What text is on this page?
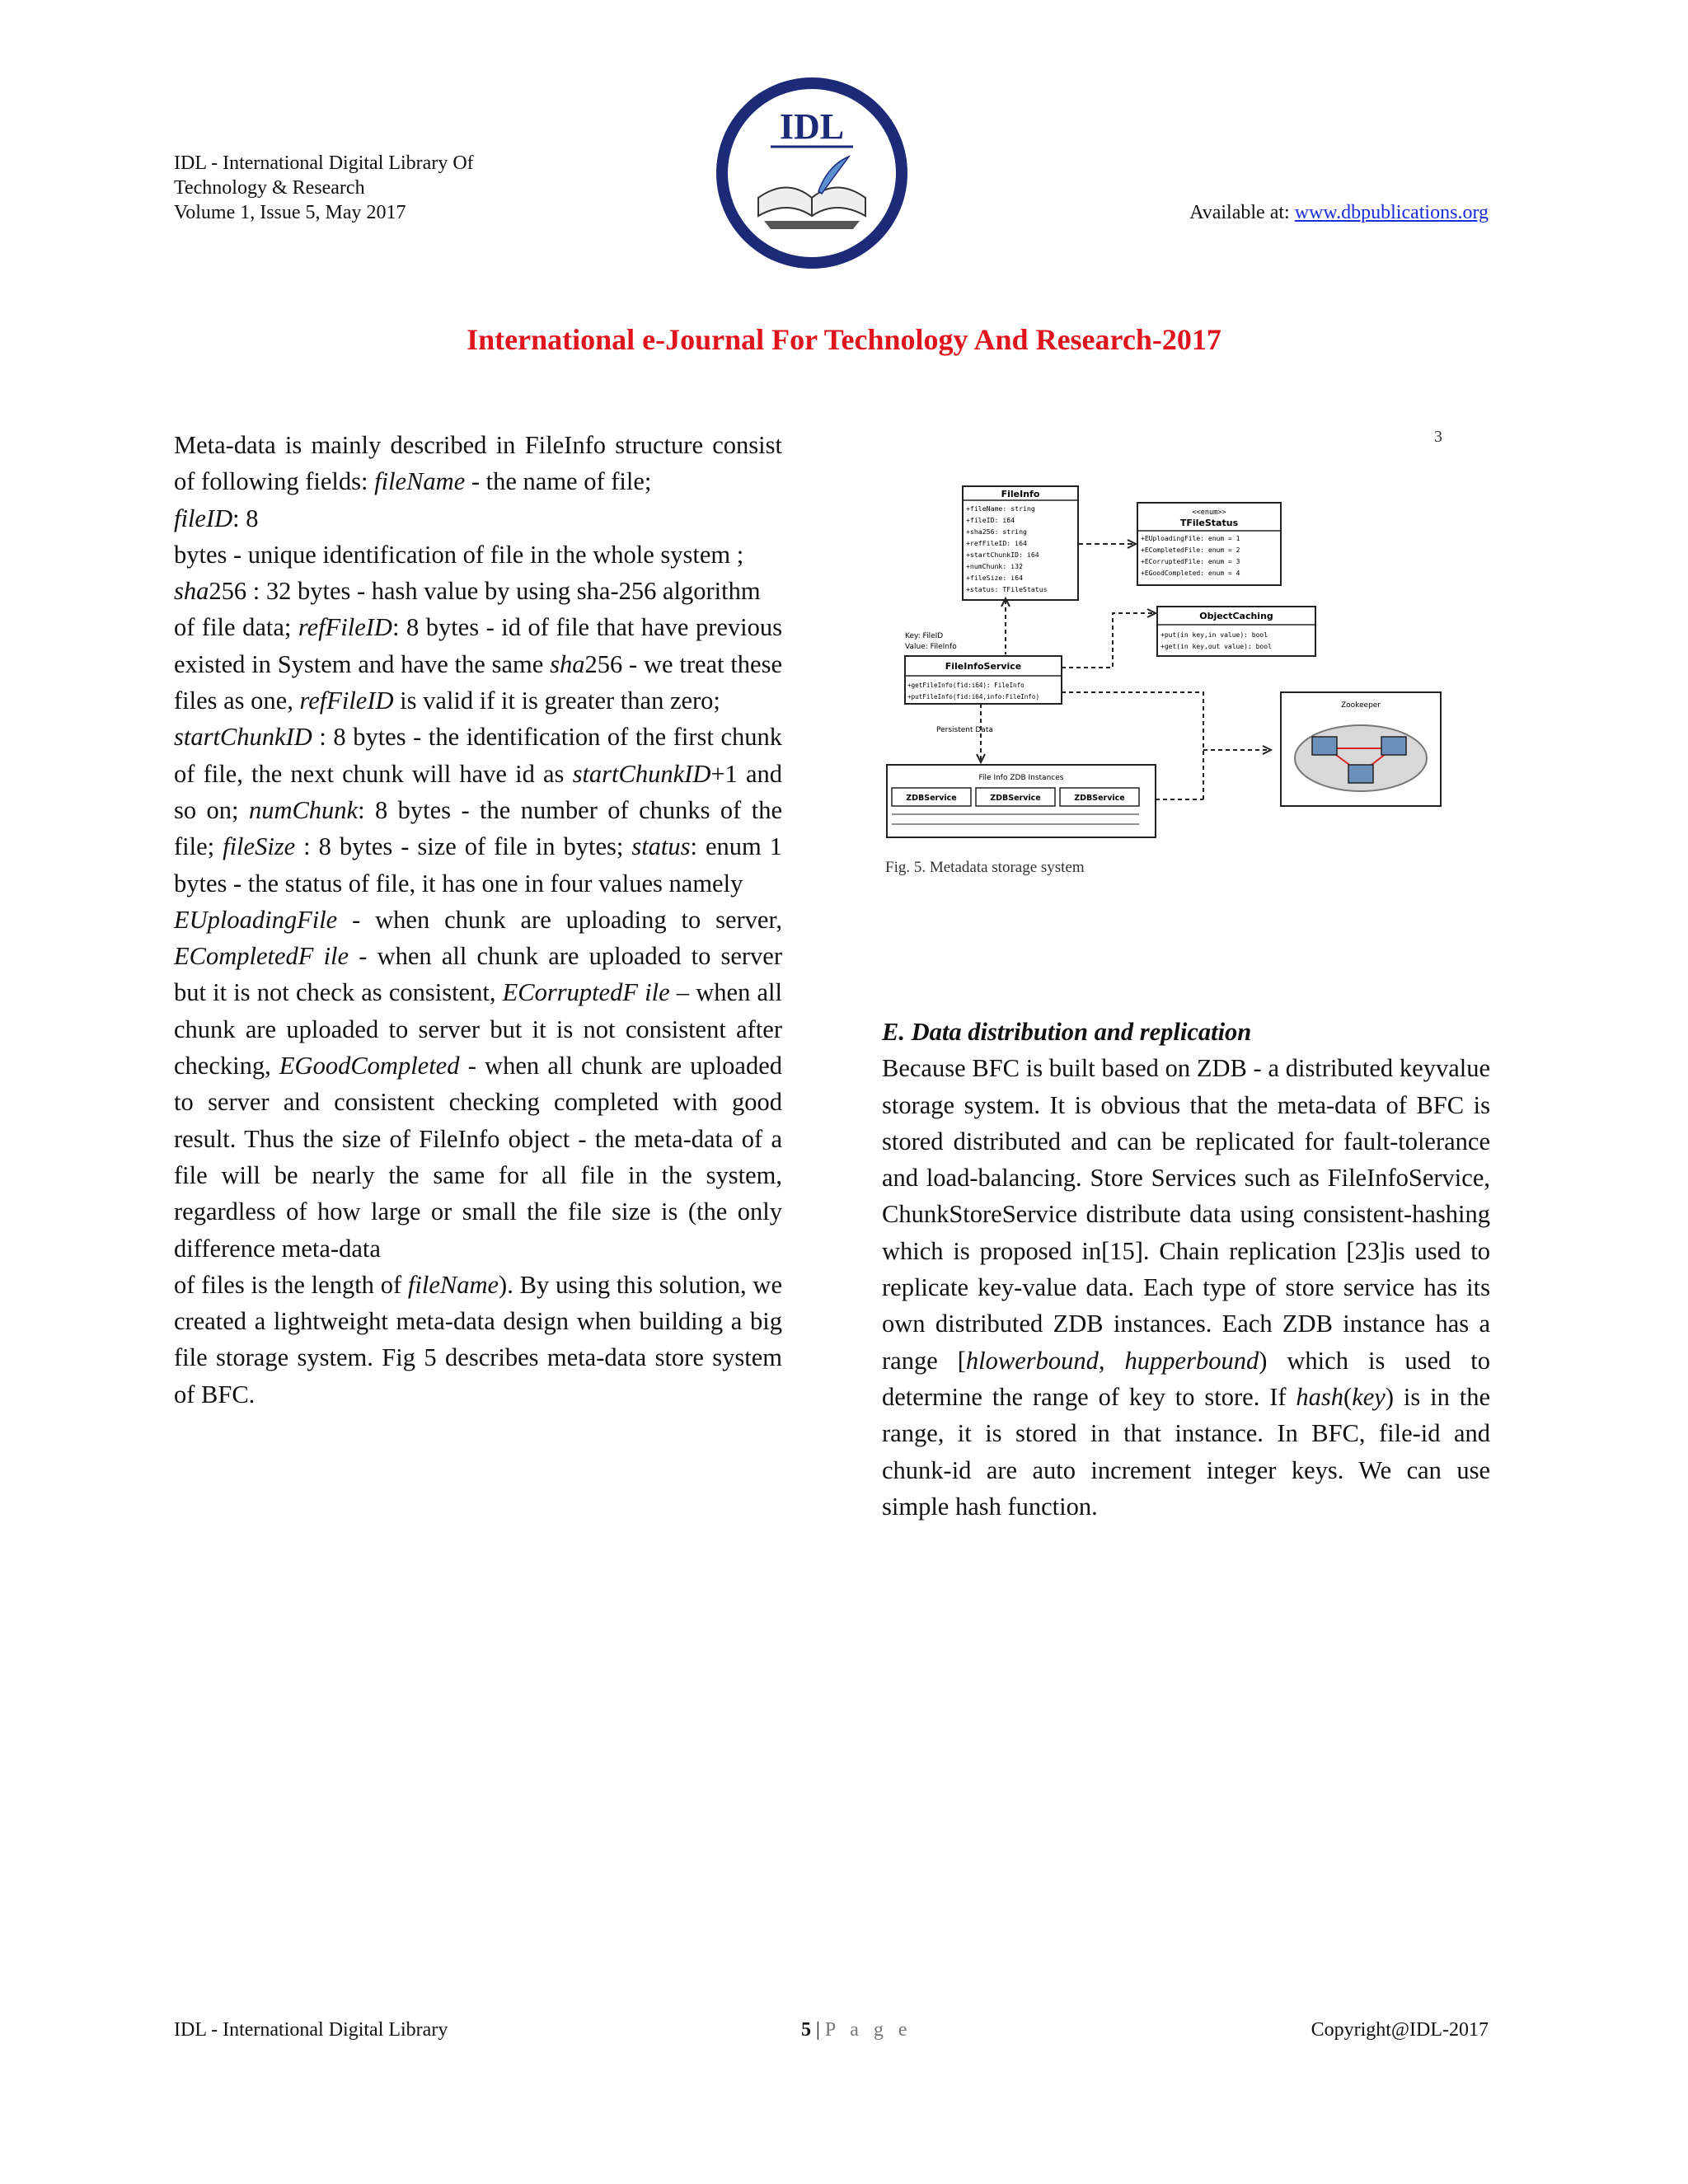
IDL - International Digital Library Of
Technology & Research
Volume 1, Issue 5, May 2017	Available at: www.dbpublications.org
IDL
International e-Journal For Technology And Research-2017

Meta-data is mainly described in FileInfo structure consist of following fields: fileName - the name of file;

fileID: 8

bytes - unique identification of file in the whole system ;

sha256 : 32 bytes - hash value by using sha-256 algorithm

of file data; refFileID: 8 bytes - id of file that have previous existed in System and have the same sha256 - we treat these files as one, refFileID is valid if it is greater than zero;

startChunkID : 8 bytes - the identification of the first chunk of file, the next chunk will have id as startChunkID+1 and so on; numChunk: 8 bytes - the number of chunks of the file; fileSize : 8 bytes - size of file in bytes; status: enum 1 bytes - the status of file, it has one in four values namely

EUploadingFile - when chunk are uploading to server, ECompletedF ile - when all chunk are uploaded to server but it is not check as consistent, ECorruptedF ile – when all chunk are uploaded to server but it is not consistent after checking, EGoodCompleted - when all chunk are uploaded to server and consistent checking completed with good result. Thus the size of FileInfo object - the meta-data of a file will be nearly the same for all file in the system, regardless of how large or small the file size is (the only difference meta-data

of files is the length of fileName). By using this solution, we created a lightweight meta-data design when building a big file storage system. Fig 5 describes meta-data store system of BFC.

3
FileInfo
+fileName: string
+fileID: i64
+sha256: string
+refFileID: i64
+startChunkID: i64
+numChunk: i32
+fileSize: i64
+status: TFileStatus
<<enum>>
TFileStatus
+EUploadingFile: enum = 1
+ECompletedFile: enum = 2
+ECorruptedFile: enum = 3
+EGoodCompleted: enum = 4
ObjectCaching
+put(in key,in value): bool
+get(in key,out value): bool
Key: FileID
Value: FileInfo
FileInfoService
+getFileInfo(fid:i64): FileInfo
+putFileInfo(fid:i64,info:FileInfo)
Persistent Data
File Info ZDB Instances
ZDBService	ZDBService	ZDBService
Zookeeper
Fig. 5. Metadata storage system

E. Data distribution and replication

Because BFC is built based on ZDB - a distributed keyvalue storage system. It is obvious that the meta-data of BFC is stored distributed and can be replicated for fault-tolerance and load-balancing. Store Services such as FileInfoService, ChunkStoreService distribute data using consistent-hashing which is proposed in[15]. Chain replication [23]is used to replicate key-value data. Each type of store service has its own distributed ZDB instances. Each ZDB instance has a range [hlowerbound, hupperbound) which is used to determine the range of key to store. If hash(key) is in the range, it is stored in that instance. In BFC, file-id and chunk-id are auto increment integer keys. We can use simple hash function.

IDL - International Digital Library	5 | P a g e	Copyright@IDL-2017
